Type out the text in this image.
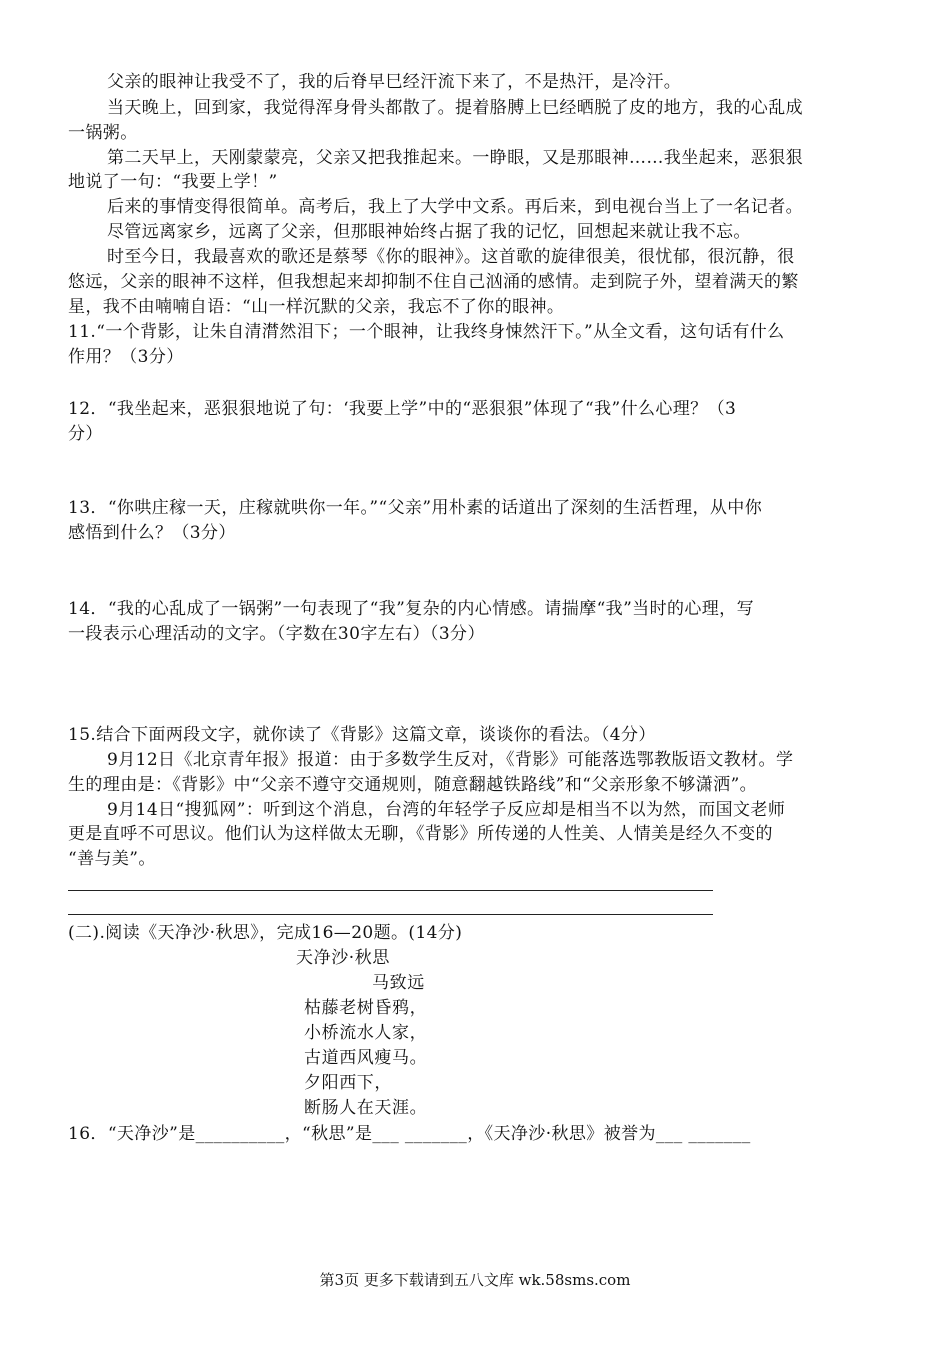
父亲的眼神让我受不了，我的后脊早巳经汗流下来了，不是热汗，是冷汗。
当天晚上，回到家，我觉得浑身骨头都散了。提着胳膊上巳经晒脱了皮的地方，我的心乱成
一锅粥。
第二天早上，天刚蒙蒙亮，父亲又把我推起来。一睁眼，又是那眼神……我坐起来，恶狠狠
地说了一句：“我要上学！”
后来的事情变得很简单。高考后，我上了大学中文系。再后来，到电视台当上了一名记者。
尽管远离家乡，远离了父亲，但那眼神始终占据了我的记忆，回想起来就让我不忘。
时至今日，我最喜欢的歌还是蔡琴《你的眼神》。这首歌的旋律很美，很忧郁，很沉静，很
悠远，父亲的眼神不这样，但我想起来却抑制不住自己汹涌的感情。走到院子外，望着满天的繁
星，我不由喃喃自语：“山一样沉默的父亲，我忘不了你的眼神。
11.“一个背影，让朱自清潸然泪下；一个眼神，让我终身悚然汗下。”从全文看，这句话有什么
作用？（3分）
12．“我坐起来，恶狠狠地说了句：‘我要上学”中的“恶狠狠”体现了“我”什么心理？（3
分）
13．“你哄庄稼一天，庄稼就哄你一年。”“父亲”用朴素的话道出了深刻的生活哲理，从中你
感悟到什么？（3分）
14．“我的心乱成了一锅粥”一句表现了“我”复杂的内心情感。请揣摩“我”当时的心理，写
一段表示心理活动的文字。（字数在30字左右）（3分）
15.结合下面两段文字，就你读了《背影》这篇文章，谈谈你的看法。（4分）
9月12日《北京青年报》报道：由于多数学生反对，《背影》可能落选鄂教版语文教材。学
生的理由是：《背影》中“父亲不遵守交通规则，随意翻越铁路线”和“父亲形象不够潇洒”。
9月14日“搜狐网”：听到这个消息，台湾的年轻学子反应却是相当不以为然，而国文老师
更是直呼不可思议。他们认为这样做太无聊，《背影》所传递的人性美、人情美是经久不变的
“善与美”。
(二).阅读《天净沙·秋思》，完成16—20题。(14分)
天净沙·秋思
马致远
枯藤老树昏鸦，
小桥流水人家，
古道西风瘦马。
夕阳西下，
断肠人在天涯。
16．“天净沙”是__________，“秋思”是___ _______，《天净沙·秋思》被誉为___ _______
第3页 更多下载请到五八文库 wk.58sms.com
